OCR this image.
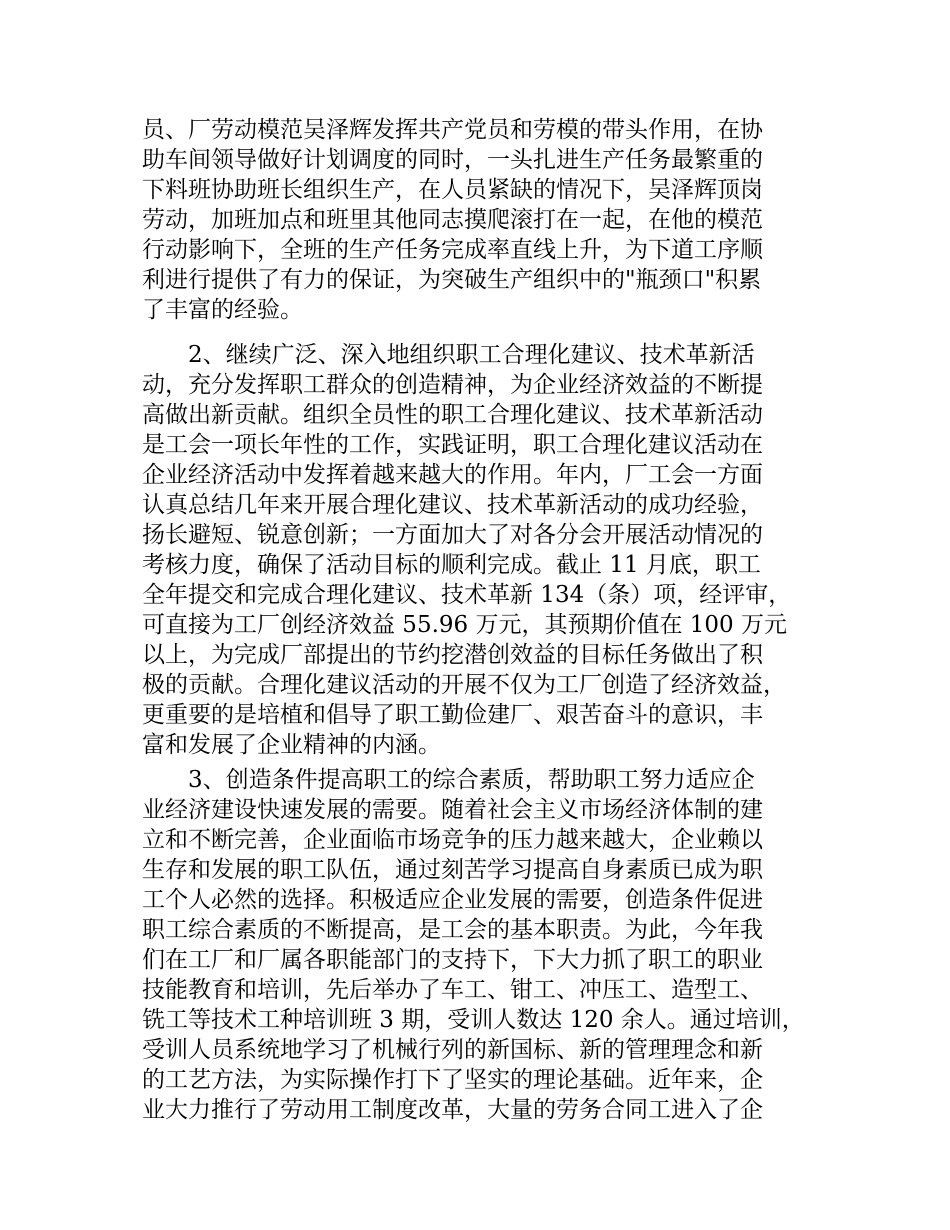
员、厂劳动模范吴泽辉发挥共产党员和劳模的带头作用，在协
助车间领导做好计划调度的同时，一头扎进生产任务最繁重的
下料班协助班长组织生产，在人员紧缺的情况下，吴泽辉顶岗
劳动，加班加点和班里其他同志摸爬滚打在一起，在他的模范
行动影响下，全班的生产任务完成率直线上升，为下道工序顺
利进行提供了有力的保证，为突破生产组织中的"瓶颈口"积累
了丰富的经验。
　　2、继续广泛、深入地组织职工合理化建议、技术革新活
动，充分发挥职工群众的创造精神，为企业经济效益的不断提
高做出新贡献。组织全员性的职工合理化建议、技术革新活动
是工会一项长年性的工作，实践证明，职工合理化建议活动在
企业经济活动中发挥着越来越大的作用。年内，厂工会一方面
认真总结几年来开展合理化建议、技术革新活动的成功经验，
扬长避短、锐意创新；一方面加大了对各分会开展活动情况的
考核力度，确保了活动目标的顺利完成。截止 11 月底，职工
全年提交和完成合理化建议、技术革新 134（条）项，经评审，
可直接为工厂创经济效益 55.96 万元，其预期价值在 100 万元
以上，为完成厂部提出的节约挖潜创效益的目标任务做出了积
极的贡献。合理化建议活动的开展不仅为工厂创造了经济效益，
更重要的是培植和倡导了职工勤俭建厂、艰苦奋斗的意识，丰
富和发展了企业精神的内涵。
　　3、创造条件提高职工的综合素质，帮助职工努力适应企
业经济建设快速发展的需要。随着社会主义市场经济体制的建
立和不断完善，企业面临市场竞争的压力越来越大，企业赖以
生存和发展的职工队伍，通过刻苦学习提高自身素质已成为职
工个人必然的选择。积极适应企业发展的需要，创造条件促进
职工综合素质的不断提高，是工会的基本职责。为此，今年我
们在工厂和厂属各职能部门的支持下，下大力抓了职工的职业
技能教育和培训，先后举办了车工、钳工、冲压工、造型工、
铣工等技术工种培训班 3 期，受训人数达 120 余人。通过培训，
受训人员系统地学习了机械行列的新国标、新的管理理念和新
的工艺方法，为实际操作打下了坚实的理论基础。近年来，企
业大力推行了劳动用工制度改革，大量的劳务合同工进入了企
